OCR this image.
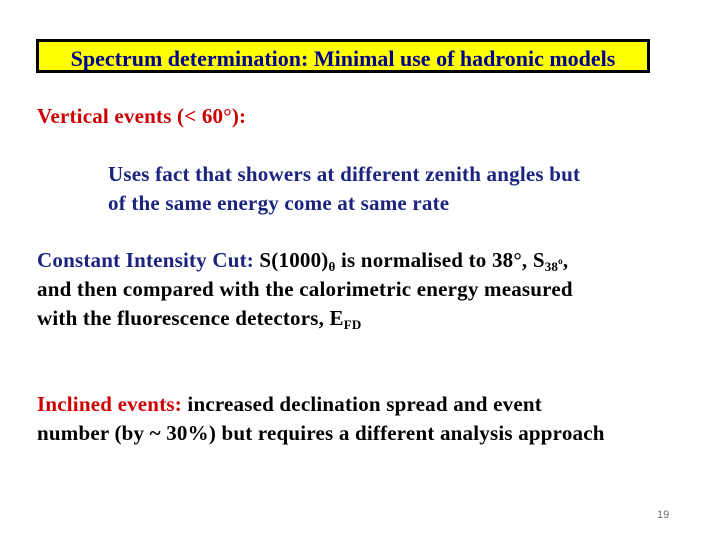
Spectrum determination: Minimal use of hadronic models
Vertical events (< 60°):
Uses fact that showers at different zenith angles but
of the same energy come at same rate
Constant Intensity Cut: $S(1000)_\theta$ is normalised to 38°, $S_{38^o}$,
and then compared with the calorimetric energy measured
with the fluorescence detectors, $E_{FD}$
Inclined events: increased declination spread and event
number (by ~ 30%) but requires a different analysis approach
19
